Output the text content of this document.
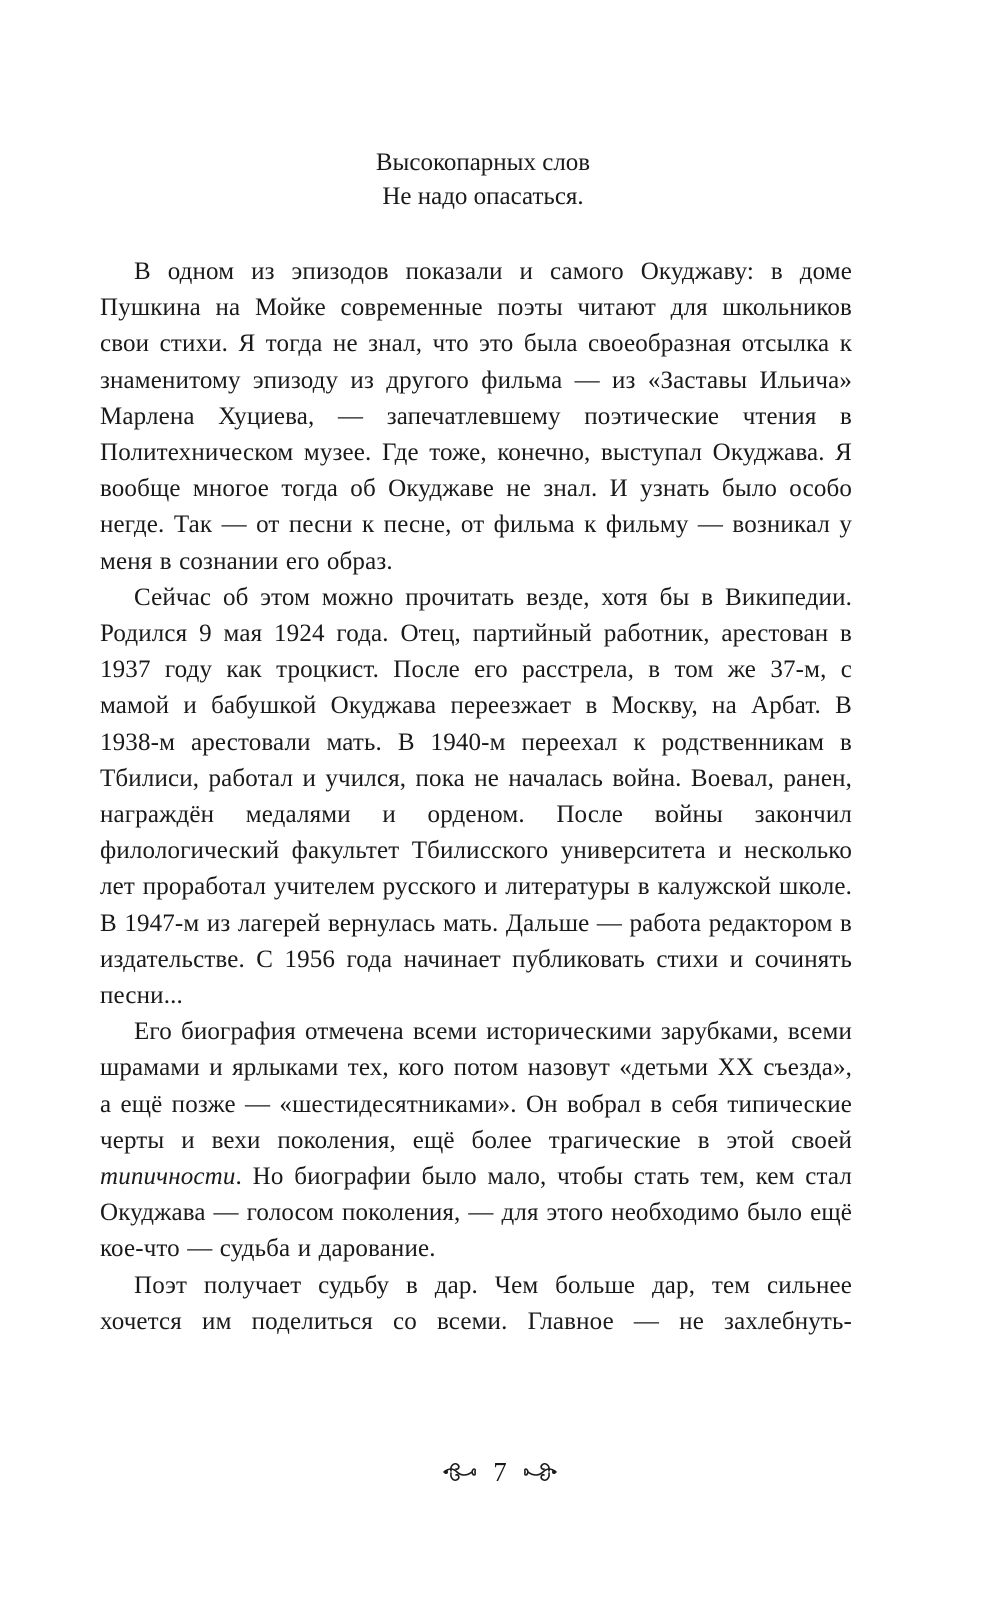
Высокопарных слов
Не надо опасаться.

В одном из эпизодов показали и самого Окуджаву: в доме Пушкина на Мойке современные поэты читают для школьников свои стихи. Я тогда не знал, что это была своеобразная отсылка к знаменитому эпизоду из другого фильма — из «Заставы Ильича» Марлена Хуциева, — запечатлевшему поэтические чтения в Политехническом музее. Где тоже, конечно, выступал Окуджава. Я вообще многое тогда об Окуджаве не знал. И узнать было особо негде. Так — от песни к песне, от фильма к фильму — возникал у меня в сознании его образ.

Сейчас об этом можно прочитать везде, хотя бы в Википедии. Родился 9 мая 1924 года. Отец, партийный работник, арестован в 1937 году как троцкист. После его расстрела, в том же 37-м, с мамой и бабушкой Окуджава переезжает в Москву, на Арбат. В 1938-м арестовали мать. В 1940-м переехал к родственникам в Тбилиси, работал и учился, пока не началась война. Воевал, ранен, награждён медалями и орденом. После войны закончил филологический факультет Тбилисского университета и несколько лет проработал учителем русского и литературы в калужской школе. В 1947-м из лагерей вернулась мать. Дальше — работа редактором в издательстве. С 1956 года начинает публиковать стихи и сочинять песни...

Его биография отмечена всеми историческими зарубками, всеми шрамами и ярлыками тех, кого потом назовут «детьми XX съезда», а ещё позже — «шестидесятниками». Он вобрал в себя типические черты и вехи поколения, ещё более трагические в этой своей типичности. Но биографии было мало, чтобы стать тем, кем стал Окуджава — голосом поколения, — для этого необходимо было ещё кое-что — судьба и дарование.

Поэт получает судьбу в дар. Чем больше дар, тем сильнее хочется им поделиться со всеми. Главное — не захлебнуть-

7
